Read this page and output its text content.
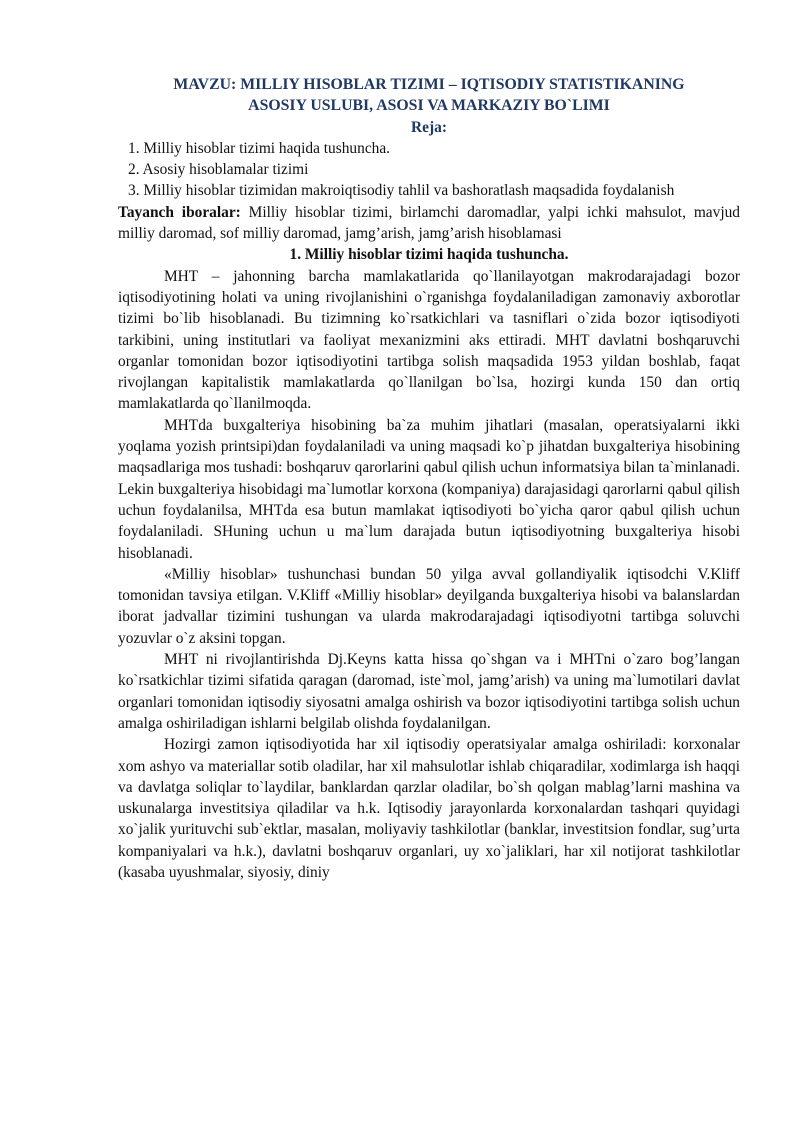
MAVZU: MILLIY HISOBLAR TIZIMI – IQTISODIY STATISTIKANING
ASOSIY USLUBI, ASOSI VA MARKAZIY BO`LIMI

Reja:

1. Milliy hisoblar tizimi haqida tushuncha.

2. Asosiy hisoblamalar tizimi

3. Milliy hisoblar tizimidan makroiqtisodiy tahlil va bashoratlash maqsadida foydalanish

Tayanch iboralar: Milliy hisoblar tizimi, birlamchi daromadlar, yalpi ichki mahsulot, mavjud milliy daromad, sof milliy daromad, jamg’arish, jamg’arish hisoblamasi

1. Milliy hisoblar tizimi haqida tushuncha.

MHT – jahonning barcha mamlakatlarida qo`llanilayotgan makrodarajadagi bozor iqtisodiyotining holati va uning rivojlanishini o`rganishga foydalaniladigan zamonaviy axborotlar tizimi bo`lib hisoblanadi. Bu tizimning ko`rsatkichlari va tasniflari o`zida bozor iqtisodiyoti tarkibini, uning institutlari va faoliyat mexanizmini aks ettiradi. MHT davlatni boshqaruvchi organlar tomonidan bozor iqtisodiyotini tartibga solish maqsadida 1953 yildan boshlab, faqat rivojlangan kapitalistik mamlakatlarda qo`llanilgan bo`lsa, hozirgi kunda 150 dan ortiq mamlakatlarda qo`llanilmoqda.

MHTda buxgalteriya hisobining ba`za muhim jihatlari (masalan, operatsiyalarni ikki yoqlama yozish printsipi)dan foydalaniladi va uning maqsadi ko`p jihatdan buxgalteriya hisobining maqsadlariga mos tushadi: boshqaruv qarorlarini qabul qilish uchun informatsiya bilan ta`minlanadi. Lekin buxgalteriya hisobidagi ma`lumotlar korxona (kompaniya) darajasidagi qarorlarni qabul qilish uchun foydalanilsa, MHTda esa butun mamlakat iqtisodiyoti bo`yicha qaror qabul qilish uchun foydalaniladi. SHuning uchun u ma`lum darajada butun iqtisodiyotning buxgalteriya hisobi hisoblanadi.

«Milliy hisoblar» tushunchasi bundan 50 yilga avval gollandiyalik iqtisodchi V.Kliff tomonidan tavsiya etilgan. V.Kliff «Milliy hisoblar» deyilganda buxgalteriya hisobi va balanslardan iborat jadvallar tizimini tushungan va ularda makrodarajadagi iqtisodiyotni tartibga soluvchi yozuvlar o`z aksini topgan.

MHT ni rivojlantirishda Dj.Keyns katta hissa qo`shgan va i MHTni o`zaro bog’langan ko`rsatkichlar tizimi sifatida qaragan (daromad, iste`mol, jamg’arish) va uning ma`lumotilari davlat organlari tomonidan iqtisodiy siyosatni amalga oshirish va bozor iqtisodiyotini tartibga solish uchun amalga oshiriladigan ishlarni belgilab olishda foydalanilgan.

Hozirgi zamon iqtisodiyotida har xil iqtisodiy operatsiyalar amalga oshiriladi: korxonalar xom ashyo va materiallar sotib oladilar, har xil mahsulotlar ishlab chiqaradilar, xodimlarga ish haqqi va davlatga soliqlar to`laydilar, banklardan qarzlar oladilar, bo`sh qolgan mablag’larni mashina va uskunalarga investitsiya qiladilar va h.k. Iqtisodiy jarayonlarda korxonalardan tashqari quyidagi xo`jalik yurituvchi sub`ektlar, masalan, moliyaviy tashkilotlar (banklar, investitsion fondlar, sug’urta kompaniyalari va h.k.), davlatni boshqaruv organlari, uy xo`jaliklari, har xil notijorat tashkilotlar (kasaba uyushmalar, siyosiy, diniy
